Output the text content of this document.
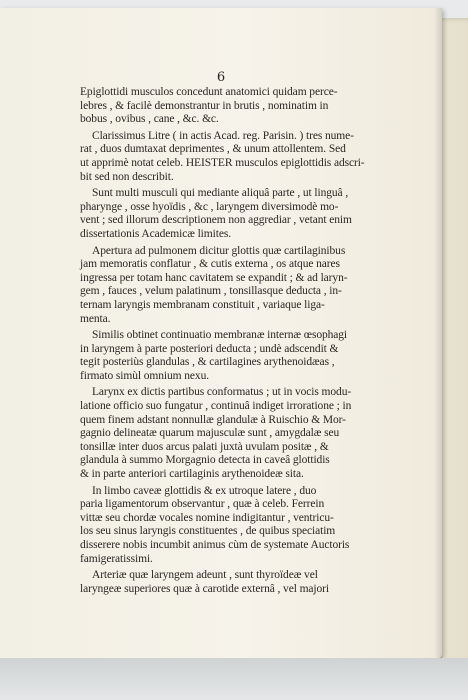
6

Epiglottidi musculos concedunt anatomici quidam perce-
lebres , & facilè demonstrantur in brutis , nominatim in
bobus , ovibus , cane , &c. &c.

Clarissimus Litre ( in actis Acad. reg. Parisin. ) tres nume-
rat , duos dumtaxat deprimentes , & unum attollentem. Sed
ut apprimè notat celeb. HEISTER musculos epiglottidis adscri-
bit sed non describit.

Sunt multi musculi qui mediante aliquâ parte , ut linguâ ,
pharynge , osse hyoïdis , &c , laryngem diversimodè mo-
vent ; sed illorum descriptionem non aggrediar , vetant enim
dissertationis Academicæ limites.

Apertura ad pulmonem dicitur glottis quæ cartilaginibus
jam memoratis conflatur , & cutis externa , os atque nares
ingressa per totam hanc cavitatem se expandit ; & ad laryn-
gem , fauces , velum palatinum , tonsillasque deducta , in-
ternam laryngis membranam constituit , variaque liga-
menta.

Similis obtinet continuatio membranæ internæ œsophagi
in laryngem à parte posteriori deducta ; undè adscendit &
tegit posteriùs glandulas , & cartilagines arythenoidæas ,
firmato simùl omnium nexu.

Larynx ex dictis partibus conformatus ; ut in vocis modu-
latione officio suo fungatur , continuâ indiget irroratione ; in
quem finem adstant nonnullæ glandulæ à Ruischio & Mor-
gagnio delineatæ quarum majusculæ sunt , amygdalæ seu
tonsillæ inter duos arcus palati juxtà uvulam positæ , &
glandula à summo Morgagnio detecta in caveâ glottidis
& in parte anteriori cartilaginis arythenoideæ sita.

In limbo caveæ glottidis & ex utroque latere , duo
paria ligamentorum observantur , quæ à celeb. Ferrein
vittæ seu chordæ vocales nomine indigitantur , ventricu-
los seu sinus laryngis constituentes , de quibus speciatim
disserere nobis incumbit animus cùm de systemate Auctoris
famigeratissimi.

Arteriæ quæ laryngem adeunt , sunt thyroïdeæ vel
laryngeæ superiores quæ à carotide externâ , vel majori
